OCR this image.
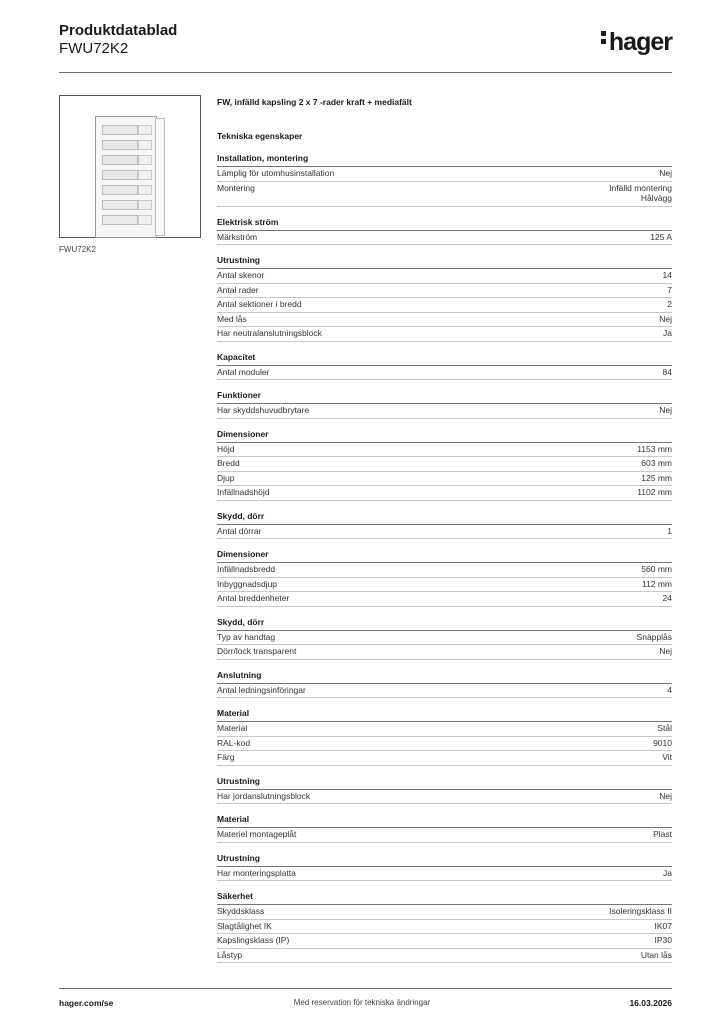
Produktdatablad
FWU72K2	hager
FWU72K2
FW, infälld kapsling 2 x 7 -rader kraft + mediafält
Tekniska egenskaper
Installation, montering
Lämplig för utomhusinstallation	Nej
Montering	Infälld montering
Hålvägg
Elektrisk ström
Märkström	125 A
Utrustning
Antal skenor	14
Antal rader	7
Antal sektioner i bredd	2
Med lås	Nej
Har neutralanslutningsblock	Ja
Kapacitet
Antal moduler	84
Funktioner
Har skyddshuvudbrytare	Nej
Dimensioner
Höjd	1153 mm
Bredd	603 mm
Djup	125 mm
Infällnadshöjd	1102 mm
Skydd, dörr
Antal dörrar	1
Dimensioner
Infällnadsbredd	560 mm
Inbyggnadsdjup	112 mm
Antal breddenheter	24
Skydd, dörr
Typ av handtag	Snäpplås
Dörr/lock transparent	Nej
Anslutning
Antal ledningsinföringar	4
Material
Material	Stål
RAL-kod	9010
Färg	Vit
Utrustning
Har jordanslutningsblock	Nej
Material
Materiel montageplåt	Plast
Utrustning
Har monteringsplatta	Ja
Säkerhet
Skyddsklass	Isoleringsklass II
Slagtålighet IK	IK07
Kapslingsklass (IP)	IP30
Låstyp	Utan lås
hager.com/se	Med reservation för tekniska ändringar	16.03.2026
